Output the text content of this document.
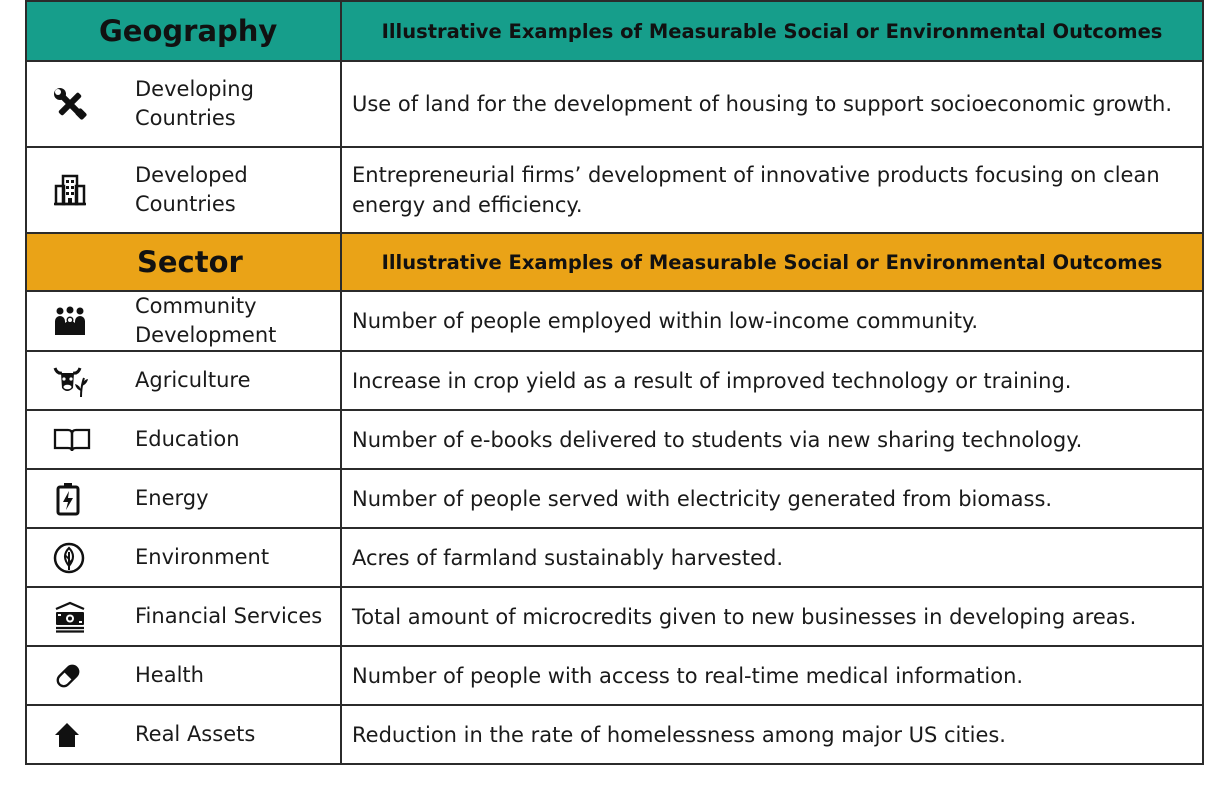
Geography		Illustrative Examples of Measurable Social or Environmental Outcomes

	Developing Countries	Use of land for the development of housing to support socioeconomic growth.

	Developed Countries	Entrepreneurial firms’ development of innovative products focusing on clean energy and efficiency.

Sector		Illustrative Examples of Measurable Social or Environmental Outcomes

	Community Development	Number of people employed within low-income community.

	Agriculture	Increase in crop yield as a result of improved technology or training.

	Education	Number of e-books delivered to students via new sharing technology.

	Energy	Number of people served with electricity generated from biomass.

	Environment	Acres of farmland sustainably harvested.

	Financial Services	Total amount of microcredits given to new businesses in developing areas.

	Health	Number of people with access to real-time medical information.

	Real Assets	Reduction in the rate of homelessness among major US cities.
